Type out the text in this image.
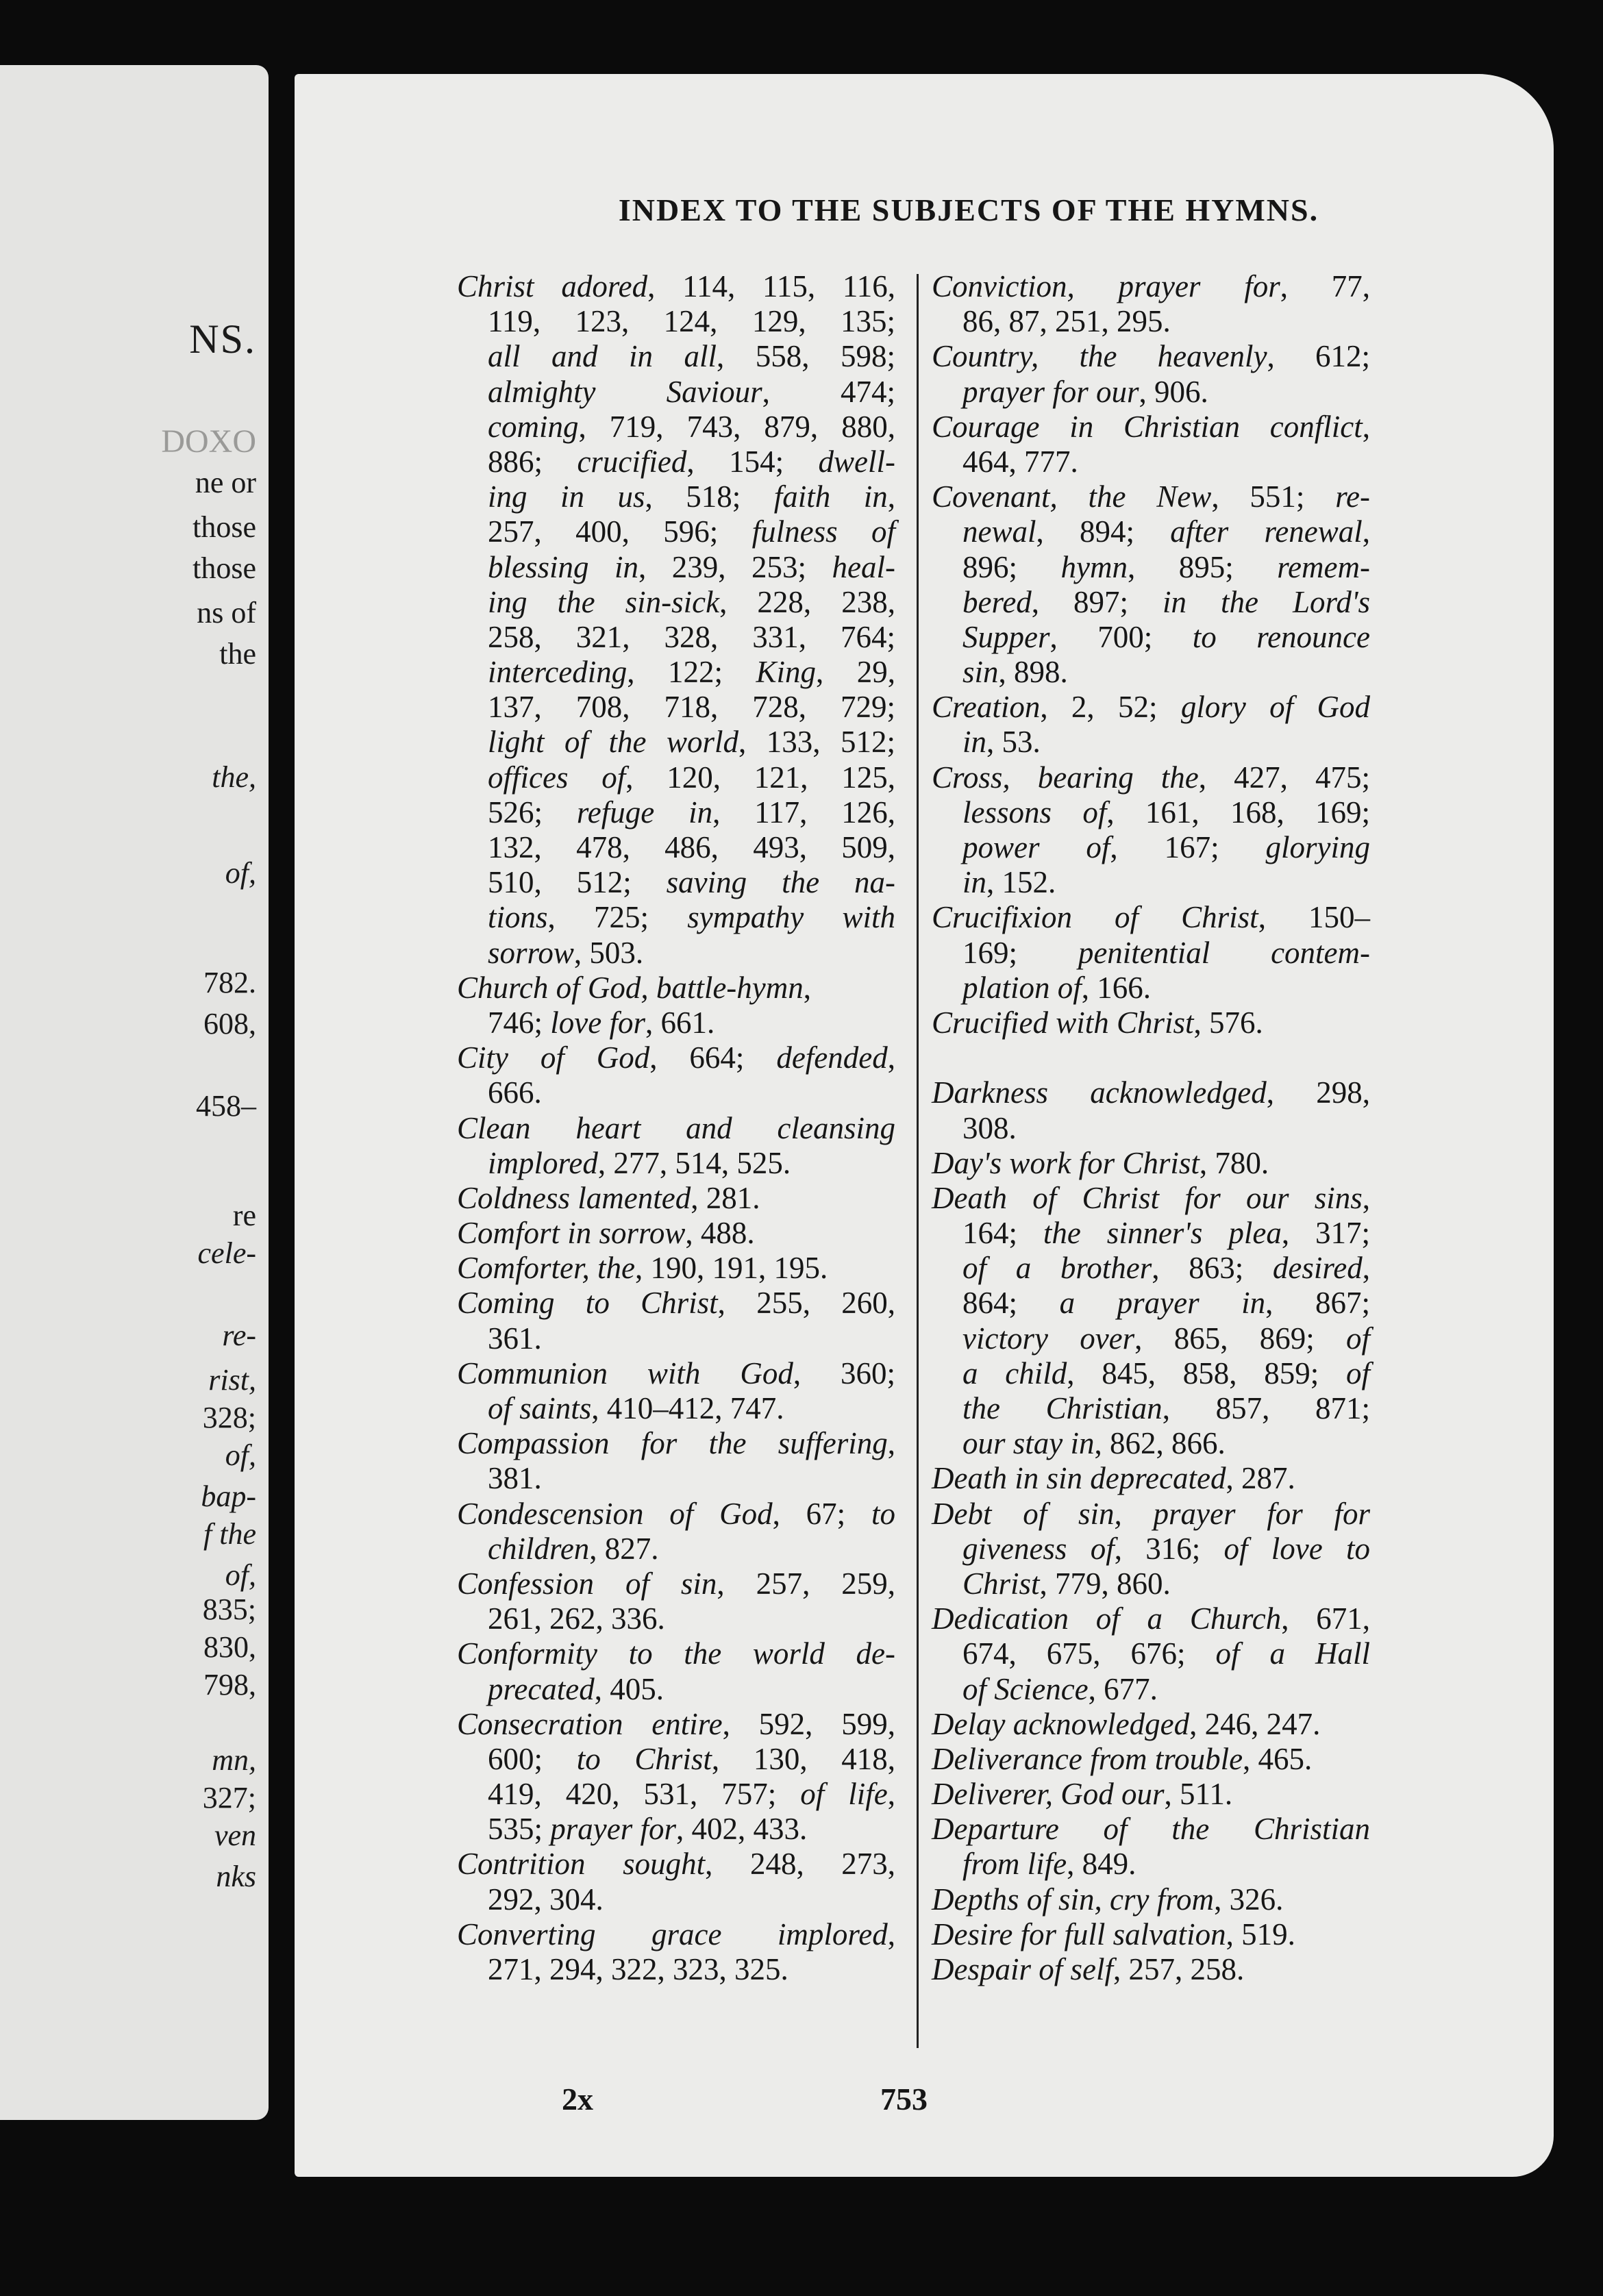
NS.
DOXO
ne or
those
those
ns of
the
the,
of,
782.
608,
458–
re
cele-
re-
rist,
328;
of,
bap-
f the
of,
835;
830,
798,
mn,
327;
ven
nks
INDEX TO THE SUBJECTS OF THE HYMNS.
Christ adored, 114, 115, 116,
119, 123, 124, 129, 135;
all and in all, 558, 598;
almighty Saviour, 474;
coming, 719, 743, 879, 880,
886; crucified, 154; dwell-
ing in us, 518; faith in,
257, 400, 596; fulness of
blessing in, 239, 253; heal-
ing the sin-sick, 228, 238,
258, 321, 328, 331, 764;
interceding, 122; King, 29,
137, 708, 718, 728, 729;
light of the world, 133, 512;
offices of, 120, 121, 125,
526; refuge in, 117, 126,
132, 478, 486, 493, 509,
510, 512; saving the na-
tions, 725; sympathy with
sorrow, 503.
Church of God, battle-hymn,
746; love for, 661.
City of God, 664; defended,
666.
Clean heart and cleansing
implored, 277, 514, 525.
Coldness lamented, 281.
Comfort in sorrow, 488.
Comforter, the, 190, 191, 195.
Coming to Christ, 255, 260,
361.
Communion with God, 360;
of saints, 410–412, 747.
Compassion for the suffering,
381.
Condescension of God, 67; to
children, 827.
Confession of sin, 257, 259,
261, 262, 336.
Conformity to the world de-
precated, 405.
Consecration entire, 592, 599,
600; to Christ, 130, 418,
419, 420, 531, 757; of life,
535; prayer for, 402, 433.
Contrition sought, 248, 273,
292, 304.
Converting grace implored,
271, 294, 322, 323, 325.
Conviction, prayer for, 77,
86, 87, 251, 295.
Country, the heavenly, 612;
prayer for our, 906.
Courage in Christian conflict,
464, 777.
Covenant, the New, 551; re-
newal, 894; after renewal,
896; hymn, 895; remem-
bered, 897; in the Lord's
Supper, 700; to renounce
sin, 898.
Creation, 2, 52; glory of God
in, 53.
Cross, bearing the, 427, 475;
lessons of, 161, 168, 169;
power of, 167; glorying
in, 152.
Crucifixion of Christ, 150–
169; penitential contem-
plation of, 166.
Crucified with Christ, 576.
Darkness acknowledged, 298,
308.
Day's work for Christ, 780.
Death of Christ for our sins,
164; the sinner's plea, 317;
of a brother, 863; desired,
864; a prayer in, 867;
victory over, 865, 869; of
a child, 845, 858, 859; of
the Christian, 857, 871;
our stay in, 862, 866.
Death in sin deprecated, 287.
Debt of sin, prayer for for
giveness of, 316; of love to
Christ, 779, 860.
Dedication of a Church, 671,
674, 675, 676; of a Hall
of Science, 677.
Delay acknowledged, 246, 247.
Deliverance from trouble, 465.
Deliverer, God our, 511.
Departure of the Christian
from life, 849.
Depths of sin, cry from, 326.
Desire for full salvation, 519.
Despair of self, 257, 258.
2x	753
